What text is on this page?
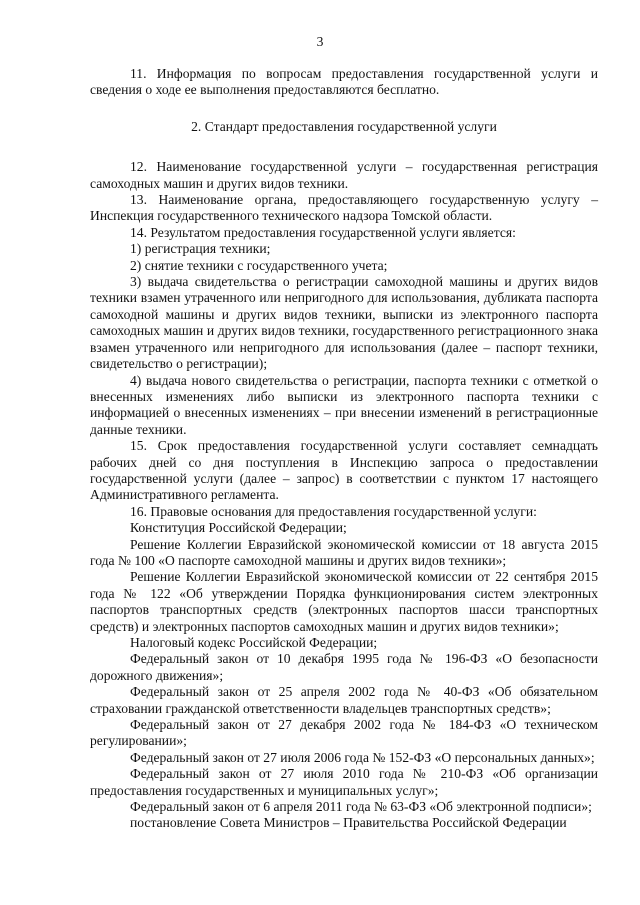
3

11. Информация по вопросам предоставления государственной услуги и сведения о ходе ее выполнения предоставляются бесплатно.

2. Стандарт предоставления государственной услуги

12. Наименование государственной услуги – государственная регистрация самоходных машин и других видов техники.

13. Наименование органа, предоставляющего государственную услугу – Инспекция государственного технического надзора Томской области.

14. Результатом предоставления государственной услуги является:

1) регистрация техники;

2) снятие техники с государственного учета;

3) выдача свидетельства о регистрации самоходной машины и других видов техники взамен утраченного или непригодного для использования, дубликата паспорта самоходной машины и других видов техники, выписки из электронного паспорта самоходных машин и других видов техники, государственного регистрационного знака взамен утраченного или непригодного для использования (далее – паспорт техники, свидетельство о регистрации);

4) выдача нового свидетельства о регистрации, паспорта техники с отметкой о внесенных изменениях либо выписки из электронного паспорта техники с информацией о внесенных изменениях – при внесении изменений в регистрационные данные техники.

15. Срок предоставления государственной услуги составляет семнадцать рабочих дней со дня поступления в Инспекцию запроса о предоставлении государственной услуги (далее – запрос) в соответствии с пунктом 17 настоящего Административного регламента.

16. Правовые основания для предоставления государственной услуги:

Конституция Российской Федерации;

Решение Коллегии Евразийской экономической комиссии от 18 августа 2015 года № 100 «О паспорте самоходной машины и других видов техники»;

Решение Коллегии Евразийской экономической комиссии от 22 сентября 2015 года № 122 «Об утверждении Порядка функционирования систем электронных паспортов транспортных средств (электронных паспортов шасси транспортных средств) и электронных паспортов самоходных машин и других видов техники»;

Налоговый кодекс Российской Федерации;

Федеральный закон от 10 декабря 1995 года № 196-ФЗ «О безопасности дорожного движения»;

Федеральный закон от 25 апреля 2002 года № 40-ФЗ «Об обязательном страховании гражданской ответственности владельцев транспортных средств»;

Федеральный закон от 27 декабря 2002 года № 184-ФЗ «О техническом регулировании»;

Федеральный закон от 27 июля 2006 года № 152-ФЗ «О персональных данных»;

Федеральный закон от 27 июля 2010 года № 210-ФЗ «Об организации предоставления государственных и муниципальных услуг»;

Федеральный закон от 6 апреля 2011 года № 63-ФЗ «Об электронной подписи»;

постановление Совета Министров – Правительства Российской Федерации
